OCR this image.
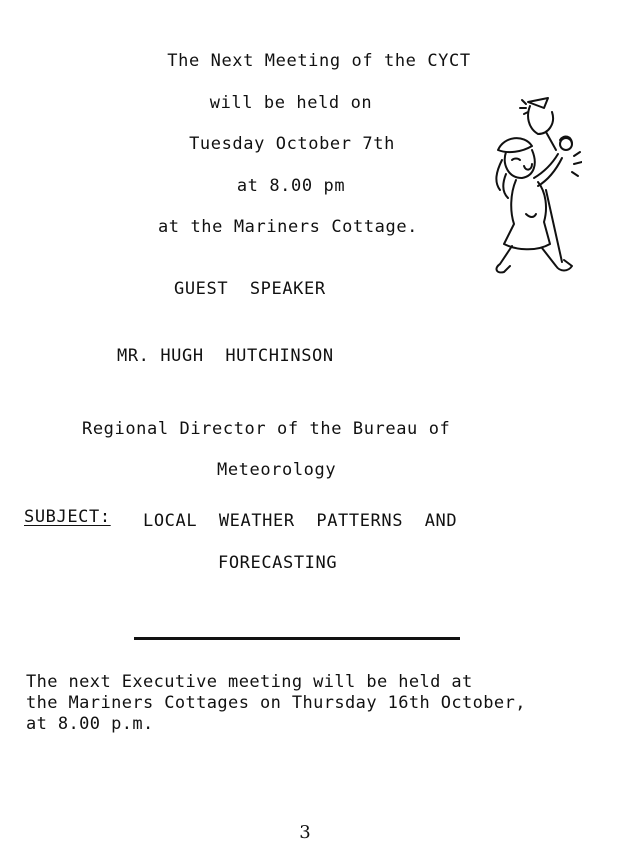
The Next Meeting of the CYCT
will be held on
Tuesday October 7th
at 8.00 pm
at the Mariners Cottage.
GUEST  SPEAKER
MR. HUGH  HUTCHINSON
Regional Director of the Bureau of
Meteorology
SUBJECT: LOCAL  WEATHER  PATTERNS  AND
FORECASTING
The next Executive meeting will be held at
the Mariners Cottages on Thursday 16th October,
at 8.00 p.m.
3
